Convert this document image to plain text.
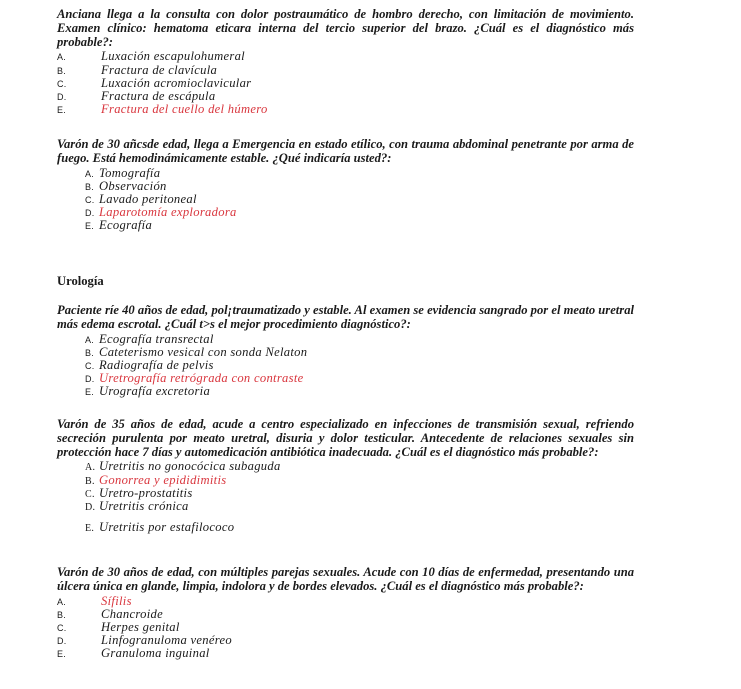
Anciana llega a la consulta con dolor postraumático de hombro derecho, con limitación de movimiento. Examen clínico: hematoma eticara interna del tercio superior del brazo. ¿Cuál es el diagnóstico más probable?:

A.	Luxación escapulohumeral
B.	Fractura de clavícula
C.	Luxación acromioclavicular
D.	Fractura de escápula
E.	Fractura del cuello del húmero

Varón de 30 añcsde edad, llega a Emergencia en estado etílico, con trauma abdominal penetrante por arma de fuego. Está hemodinámicamente estable. ¿Qué indicaría usted?:

A. Tomografía
B. Observación
C. Lavado peritoneal
D. Laparotomía exploradora
E. Ecografía
Urología

Paciente ríe 40 años de edad, pol¡traumatizado y estable. Al examen se evidencia sangrado por el meato uretral más edema escrotal. ¿Cuál t>s el mejor procedimiento diagnóstico?:

A. Ecografía transrectal
B. Cateterismo vesical con sonda Nelaton
C. Radiografía de pelvis
D. Uretrografía retrógrada con contraste
E. Urografía excretoria

Varón de 35 años de edad, acude a centro especializado en infecciones de transmisión sexual, refriendo secreción purulenta por meato uretral, disuria y dolor testicular. Antecedente de relaciones sexuales sin protección hace 7 días y automedicación antibiótica inadecuada. ¿Cuál es el diagnóstico más probable?:

A. Uretritis no gonocócica subaguda
B. Gonorrea y epididimitis
C. Uretro-prostatitis
D. Uretritis crónica
E. Uretritis por estafilococo

Varón de 30 años de edad, con múltiples parejas sexuales. Acude con 10 días de enfermedad, presentando una úlcera única en glande, limpia, indolora y de bordes elevados. ¿Cuál es el diagnóstico más probable?:

A.	Sífilis
B.	Chancroide
C.	Herpes genital
D.	Linfogranuloma venéreo
E.	Granuloma inguinal
